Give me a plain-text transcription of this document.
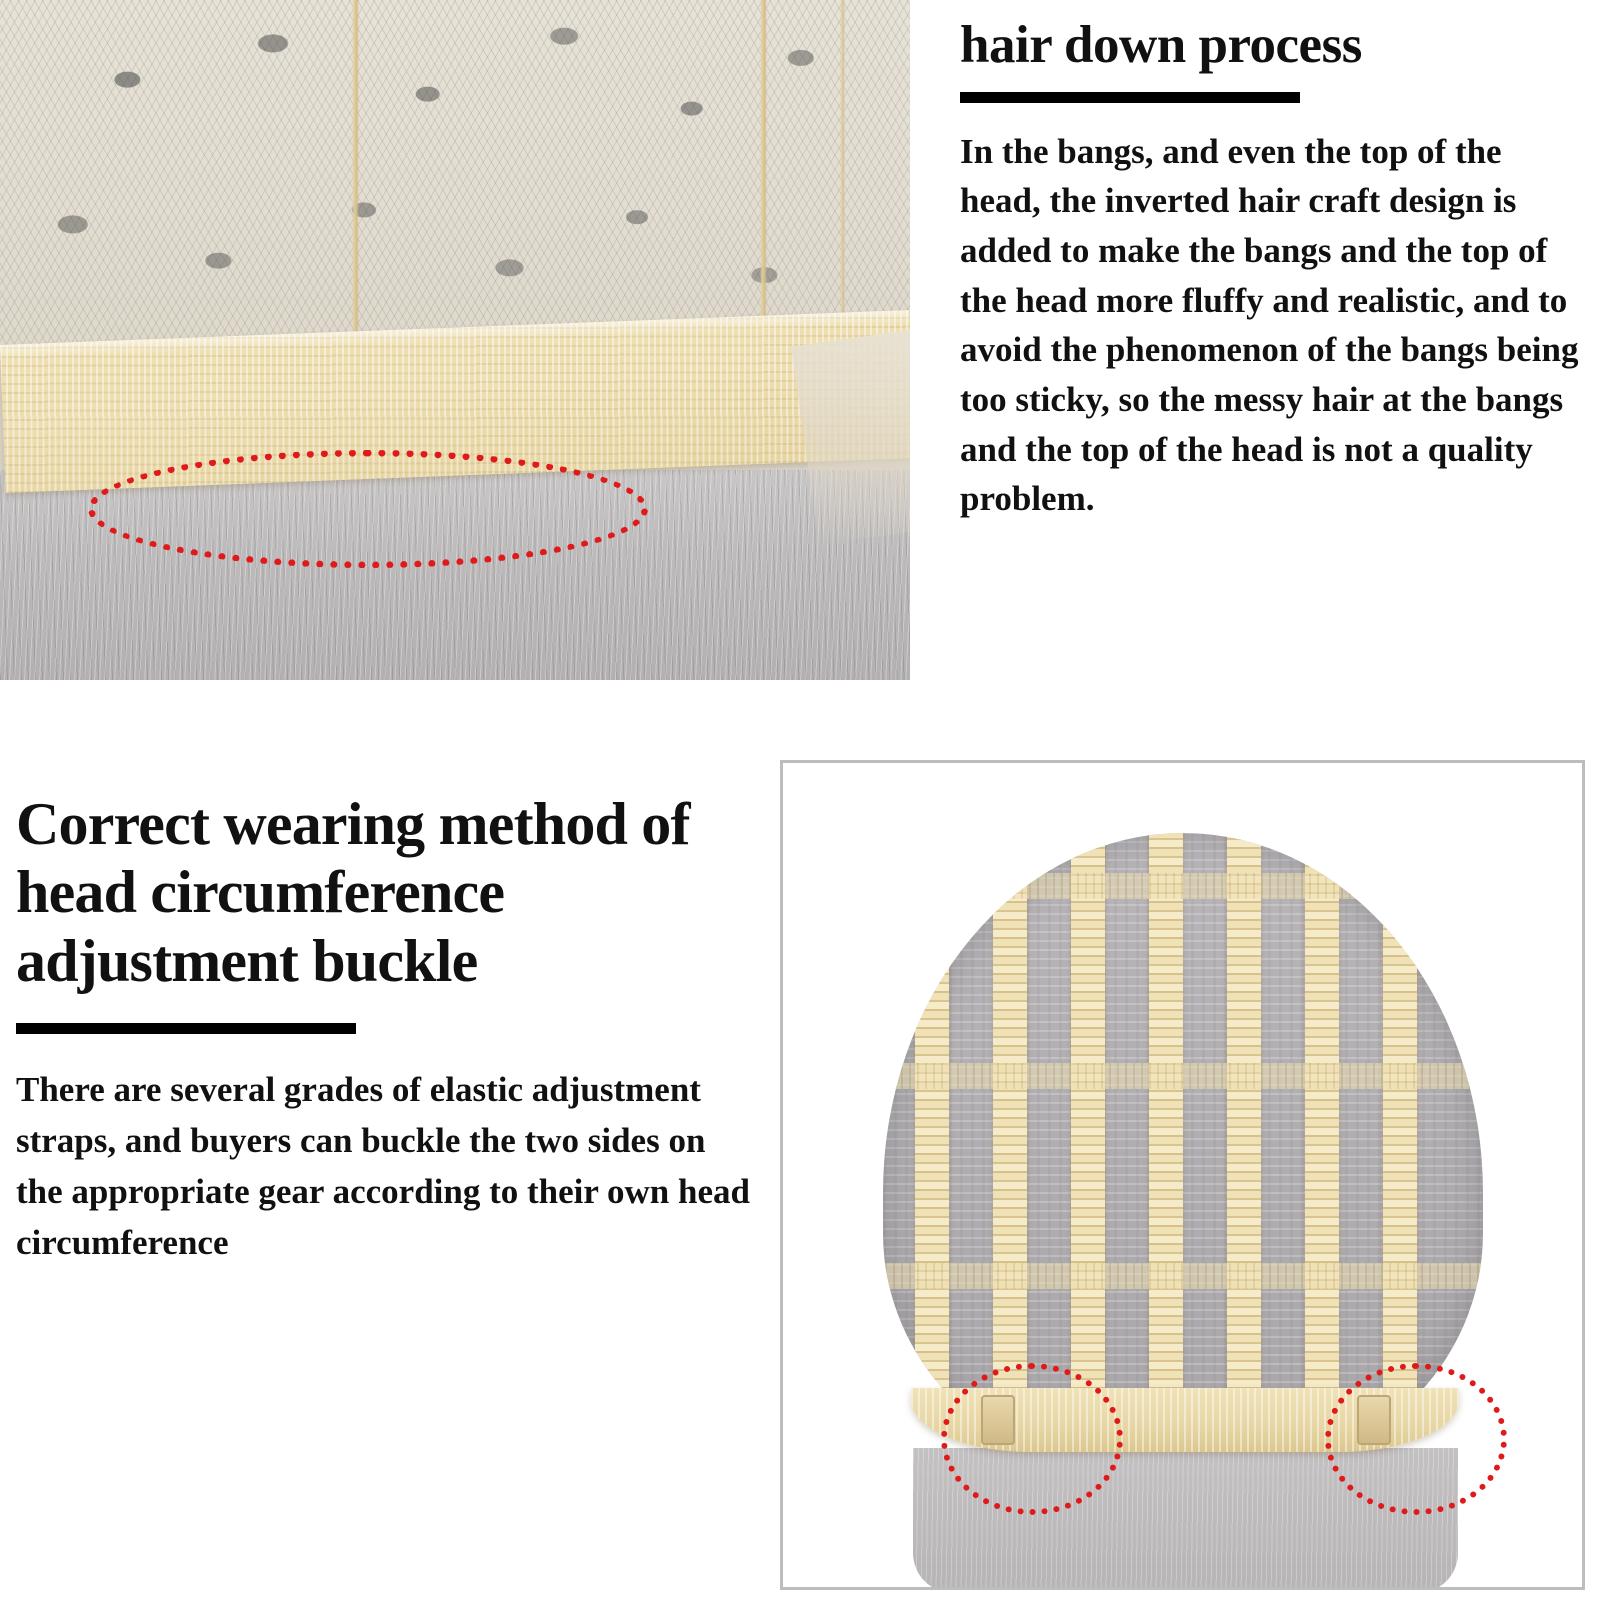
hair down process

In the bangs, and even the top of the head, the inverted hair craft design is added to make the bangs and the top of the head more fluffy and realistic, and to avoid the phenomenon of the bangs being too sticky, so the messy hair at the bangs and the top of the head is not a quality problem.

Correct wearing method of head circumference adjustment buckle

There are several grades of elastic adjustment straps, and buyers can buckle the two sides on the appropriate gear according to their own head circumference
